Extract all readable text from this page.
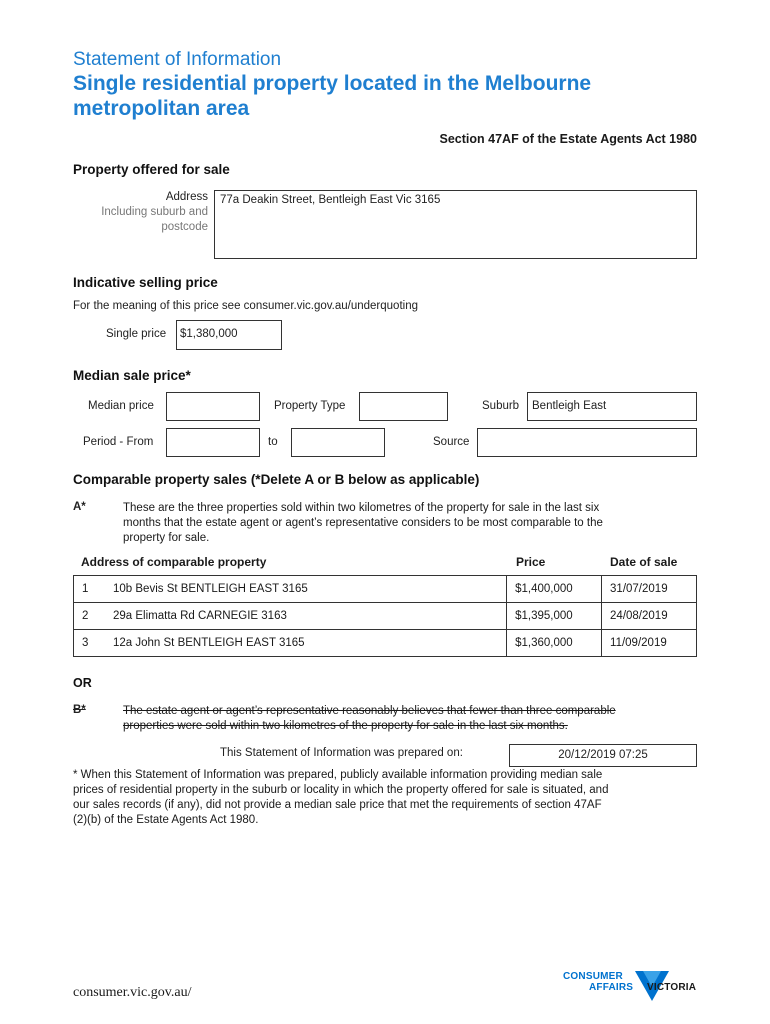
Statement of Information
Single residential property located in the Melbourne metropolitan area
Section 47AF of the Estate Agents Act 1980
Property offered for sale
Address
Including suburb and
postcode
77a Deakin Street, Bentleigh East Vic 3165
Indicative selling price
For the meaning of this price see consumer.vic.gov.au/underquoting
Single price $1,380,000
Median sale price*
Median price	Property Type	Suburb Bentleigh East
Period - From	to	Source
Comparable property sales (*Delete A or B below as applicable)
A*	These are the three properties sold within two kilometres of the property for sale in the last six
months that the estate agent or agent’s representative considers to be most comparable to the
property for sale.
Address of comparable property	Price	Date of sale
1 10b Bevis St BENTLEIGH EAST 3165	$1,400,000	31/07/2019
2 29a Elimatta Rd CARNEGIE 3163	$1,395,000	24/08/2019
3 12a John St BENTLEIGH EAST 3165	$1,360,000	11/09/2019
OR
B*	The estate agent or agent’s representative reasonably believes that fewer than three comparable
properties were sold within two kilometres of the property for sale in the last six months.
This Statement of Information was prepared on:	20/12/2019 07:25
* When this Statement of Information was prepared, publicly available information providing median sale
prices of residential property in the suburb or locality in which the property offered for sale is situated, and
our sales records (if any), did not provide a median sale price that met the requirements of section 47AF
(2)(b) of the Estate Agents Act 1980.
consumer.vic.gov.au/
CONSUMER
AFFAIRS VICTORIA
